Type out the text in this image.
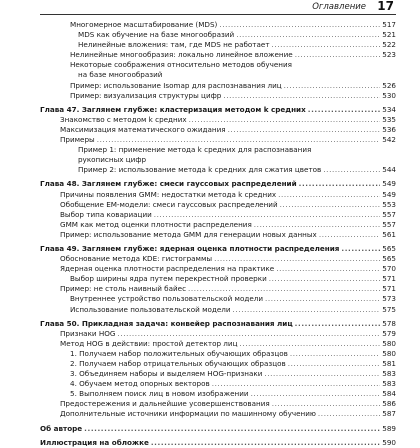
Оглавление 17
Многомерное масштабирование (MDS) .....	517
MDS как обучение на базе многообразий .....	521
Нелинейные вложения: там, где MDS не работает .....	522
Нелинейные многообразия: локально линейное вложение .....	523
Некоторые соображения относительно методов обучения
на базе многообразий
Пример: использование Isomap для распознавания лиц .....	526
Пример: визуализация структуры цифр .....	530
Глава 47. Заглянем глубже: кластеризация методом k средних .....	534
Знакомство с методом k средних .....	535
Максимизация математического ожидания .....	536
Примеры .....	542
Пример 1: применение метода k средних для распознавания
рукописных цифр
Пример 2: использование метода k средних для сжатия цветов .....	544
Глава 48. Заглянем глубже: смеси гауссовых распределений .....	549
Причины появления GMM: недостатки метода k средних .....	549
Обобщение ЕМ-модели: смеси гауссовых распределений .....	553
Выбор типа ковариации .....	557
GMM как метод оценки плотности распределения .....	557
Пример: использование метода GMM для генерации новых данных .....	561
Глава 49. Заглянем глубже: ядерная оценка плотности распределения .....	565
Обоснование метода KDE: гистограммы .....	565
Ядерная оценка плотности распределения на практике .....	570
Выбор ширины ядра путем перекрестной проверки .....	571
Пример: не столь наивный байес .....	571
Внутреннее устройство пользовательской модели .....	573
Использование пользовательской модели .....	575
Глава 50. Прикладная задача: конвейер распознавания лиц .....	578
Признаки HOG .....	579
Метод HOG в действии: простой детектор лиц .....	580
1. Получаем набор положительных обучающих образцов .....	580
2. Получаем набор отрицательных обучающих образцов .....	581
3. Объединяем наборы и выделяем HOG-признаки .....	583
4. Обучаем метод опорных векторов .....	583
5. Выполняем поиск лиц в новом изображении .....	584
Предостережения и дальнейшие усовершенствования .....	586
Дополнительные источники информации по машинному обучению .....	587
Об авторе .....	589
Иллюстрация на обложке .....	590
